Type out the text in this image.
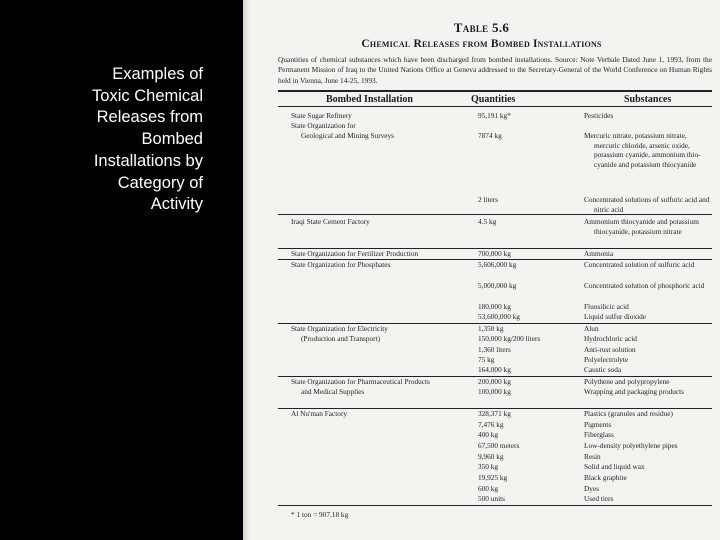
Examples of
Toxic Chemical
Releases from
Bombed
Installations by
Category of
Activity
Table 5.6
Chemical Releases from Bombed Installations
Quantities of chemical substances which have been discharged from bombed installations. Source: Note Verbale Dated June 1, 1993, from the Permanent Mission of Iraq to the United Nations Office at Geneva addressed to the Secretary-General of the World Conference on Human Rights held in Vienna, June 14-25, 1993.
Bombed Installation	Quantities	Substances
State Sugar Refinery
State Organization for
Geological and Mining Surveys
Iraqi State Cement Factory
State Organization for Fertilizer Production
State Organization for Phosphates
State Organization for Electricity
(Production and Transport)
State Organization for Pharmaceutical Products
and Medical Supplies
Al Nu'man Factory
95,191 kg*
7874 kg
2 liters
4.5 kg
700,000 kg
5,606,000 kg
5,000,000 kg
180,000 kg
53,600,000 kg
1,350 kg
150,000 kg/200 liters
1,360 liters
75 kg
164,000 kg
200,000 kg
100,000 kg
328,371 kg
7,476 kg
400 kg
67,500 meters
9,960 kg
350 kg
19,925 kg
600 kg
500 units
Pesticides
Mercuric nitrate, potassium nitrate, mercuric chloride, arsenic oxide, potassium cyanide, ammonium thio-cyanide and potassium thiocyanide
Concentrated solutions of sulfuric acid and nitric acid
Ammonium thiocyanide and potassium thiocyanide, potassium nitrate
Ammonia
Concentrated solution of sulfuric acid
Concentrated solution of phosphoric acid
Fluosilicic acid
Liquid sulfur dioxide
Alun
Hydrochloric acid
Anti-rust solution
Polyelectrolyte
Caustic soda
Polythene and polypropylene
Wrapping and packaging products
Plastics (granules and residue)
Pigments
Fiberglass
Low-density polyethylene pipes
Resin
Solid and liquid wax
Black graphite
Dyes
Used tires
* 1 ton = 907.18 kg
